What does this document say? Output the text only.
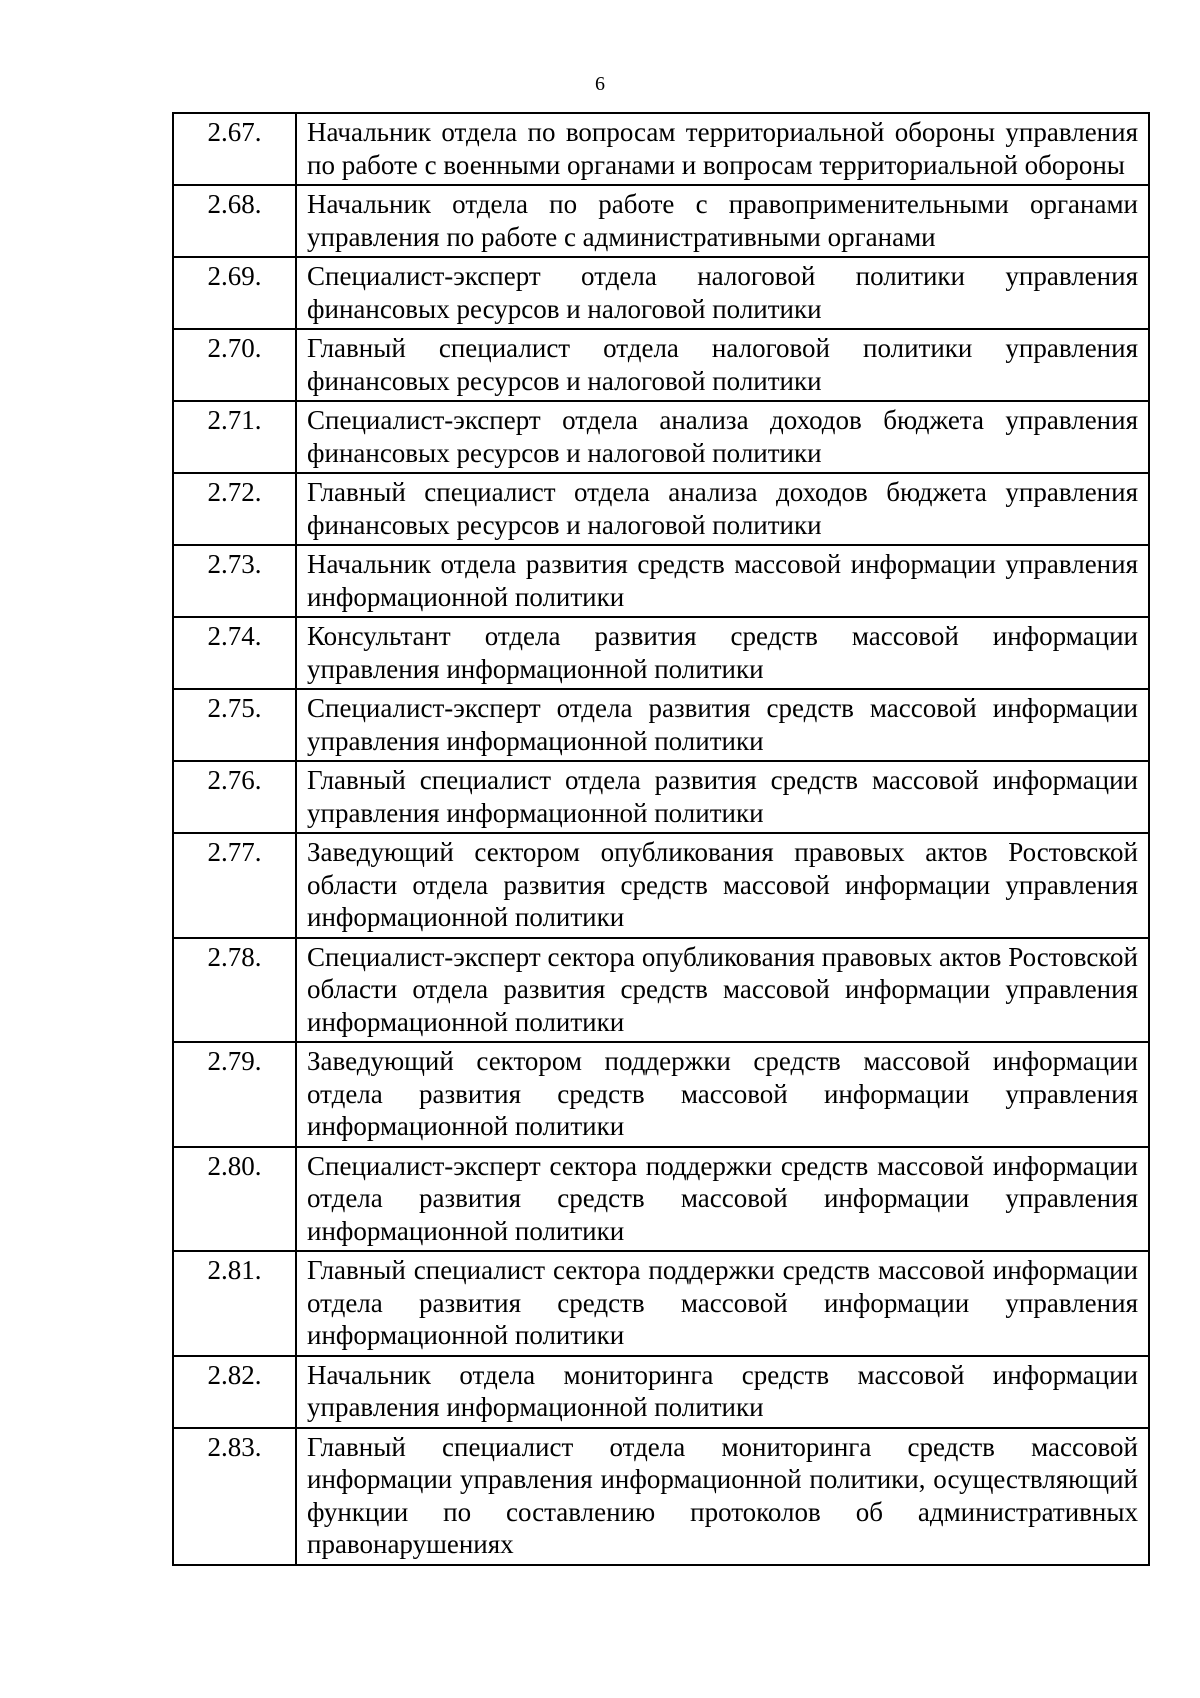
6
2.67.	Начальник отдела по вопросам территориальной обороны управления по работе с военными органами и вопросам территориальной обороны
2.68.	Начальник отдела по работе с правоприменительными органами управления по работе с административными органами
2.69.	Специалист-эксперт отдела налоговой политики управления финансовых ресурсов и налоговой политики
2.70.	Главный специалист отдела налоговой политики управления финансовых ресурсов и налоговой политики
2.71.	Специалист-эксперт отдела анализа доходов бюджета управления финансовых ресурсов и налоговой политики
2.72.	Главный специалист отдела анализа доходов бюджета управления финансовых ресурсов и налоговой политики
2.73.	Начальник отдела развития средств массовой информации управления информационной политики
2.74.	Консультант отдела развития средств массовой информации управления информационной политики
2.75.	Специалист-эксперт отдела развития средств массовой информации управления информационной политики
2.76.	Главный специалист отдела развития средств массовой информации управления информационной политики
2.77.	Заведующий сектором опубликования правовых актов Ростовской области отдела развития средств массовой информации управления информационной политики
2.78.	Специалист-эксперт сектора опубликования правовых актов Ростовской области отдела развития средств массовой информации управления информационной политики
2.79.	Заведующий сектором поддержки средств массовой информации отдела развития средств массовой информации управления информационной политики
2.80.	Специалист-эксперт сектора поддержки средств массовой информации отдела развития средств массовой информации управления информационной политики
2.81.	Главный специалист сектора поддержки средств массовой информации отдела развития средств массовой информации управления информационной политики
2.82.	Начальник отдела мониторинга средств массовой информации управления информационной политики
2.83.	Главный специалист отдела мониторинга средств массовой информации управления информационной политики, осуществляющий функции по составлению протоколов об административных правонарушениях
